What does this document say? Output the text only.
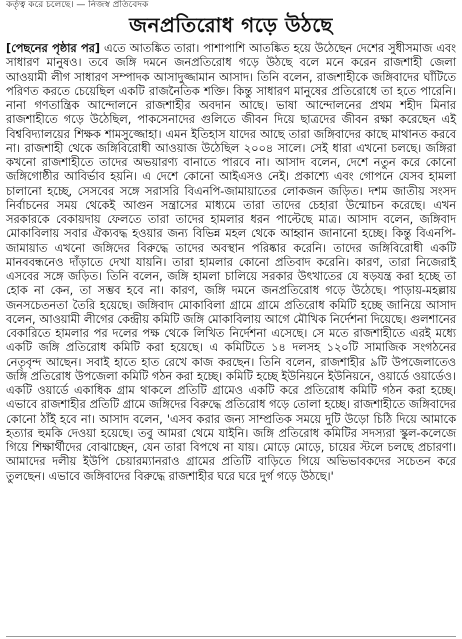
কর্তৃত্ব করে চলেছে। — নিজস্ব প্রতিবেদক
জনপ্রতিরোধ গড়ে উঠছে
[পেছনের পৃষ্ঠার পর] এতে আতঙ্কিত তারা। পাশাপাশি আতঙ্কিত হয়ে উঠেছেন দেশের সুধীসমাজ এবং সাধারণ মানুষও। তবে জঙ্গি দমনে জনপ্রতিরোধ গড়ে উঠছে বলে মনে করেন রাজশাহী জেলা আওয়ামী লীগ সাধারণ সম্পাদক আসাদুজ্জামান আসাদ। তিনি বলেন, রাজশাহীকে জঙ্গিবাদের ঘাঁটিতে পরিণত করতে চেয়েছিল একটি রাজনৈতিক শক্তি। কিন্তু সাধারণ মানুষের প্রতিরোধে তা হতে পারেনি। নানা গণতান্ত্রিক আন্দোলনে রাজশাহীর অবদান আছে। ভাষা আন্দোলনের প্রথম শহীদ মিনার রাজশাহীতে গড়ে উঠেছিল, পাকসেনাদের গুলিতে জীবন দিয়ে ছাত্রদের জীবন রক্ষা করেছেন এই বিশ্ববিদ্যালয়ের শিক্ষক শামসুজ্জোহা। এমন ইতিহাস যাদের আছে তারা জঙ্গিবাদের কাছে মাথানত করবে না। রাজশাহী থেকে জঙ্গিবিরোধী আওয়াজ উঠেছিল ২০০৪ সালে। সেই ধারা এখনো চলছে। জঙ্গিরা কখনো রাজশাহীতে তাদের অভয়ারণ্য বানাতে পারবে না। আসাদ বলেন, দেশে নতুন করে কোনো জঙ্গিগোষ্ঠীর আবির্ভাব হয়নি। এ দেশে কোনো আইএসও নেই। প্রকাশ্যে এবং গোপনে যেসব হামলা চালানো হচ্ছে, সেসবের সঙ্গে সরাসরি বিএনপি-জামায়াতের লোকজন জড়িত। দশম জাতীয় সংসদ নির্বাচনের সময় থেকেই আগুন সন্ত্রাসের মাধ্যমে তারা তাদের চেহারা উন্মোচন করেছে। এখন সরকারকে বেকায়দায় ফেলতে তারা তাদের হামলার ধরন পাল্টেছে মাত্র। আসাদ বলেন, জঙ্গিবাদ মোকাবিলায় সবার ঐক্যবদ্ধ হওয়ার জন্য বিভিন্ন মহল থেকে আহ্বান জানানো হচ্ছে। কিন্তু বিএনপি-জামায়াত এখনো জঙ্গিদের বিরুদ্ধে তাদের অবস্থান পরিষ্কার করেনি। তাদের জঙ্গিবিরোধী একটি মানববন্ধনেও দাঁড়াতে দেখা যায়নি। তারা হামলার কোনো প্রতিবাদ করেনি। কারণ, তারা নিজেরাই এসবের সঙ্গে জড়িত। তিনি বলেন, জঙ্গি হামলা চালিয়ে সরকার উৎখাতের যে ষড়যন্ত্র করা হচ্ছে তা হোক না কেন, তা সম্ভব হবে না। কারণ, জঙ্গি দমনে জনপ্রতিরোধ গড়ে উঠেছে। পাড়ায়-মহল্লায় জনসচেতনতা তৈরি হয়েছে। জঙ্গিবাদ মোকাবিলা গ্রামে গ্রামে প্রতিরোধ কমিটি হচ্ছে জানিয়ে আসাদ বলেন, আওয়ামী লীগের কেন্দ্রীয় কমিটি জঙ্গি মোকাবিলায় আগে মৌখিক নির্দেশনা দিয়েছে। গুলশানের বেকারিতে হামলার পর দলের পক্ষ থেকে লিখিত নির্দেশনা এসেছে। সে মতে রাজশাহীতে এরই মধ্যে একটি জঙ্গি প্রতিরোধ কমিটি করা হয়েছে। এ কমিটিতে ১৪ দলসহ ১২০টি সামাজিক সংগঠনের নেতৃবৃন্দ আছেন। সবাই হাতে হাত রেখে কাজ করছেন। তিনি বলেন, রাজশাহীর ৯টি উপজেলাতেও জঙ্গি প্রতিরোধ উপজেলা কমিটি গঠন করা হচ্ছে। কমিটি হচ্ছে ইউনিয়নে ইউনিয়নে, ওয়ার্ডে ওয়ার্ডেও। একটি ওয়ার্ডে একাধিক গ্রাম থাকলে প্রতিটি গ্রামেও একটি করে প্রতিরোধ কমিটি গঠন করা হচ্ছে। এভাবে রাজশাহীর প্রতিটি গ্রামে জঙ্গিদের বিরুদ্ধে প্রতিরোধ গড়ে তোলা হচ্ছে। রাজশাহীতে জঙ্গিবাদের কোনো ঠাঁই হবে না। আসাদ বলেন, 'এসব করার জন্য সাম্প্রতিক সময়ে দুটি উড়ো চিঠি দিয়ে আমাকে হত্যার হুমকি দেওয়া হয়েছে। তবু আমরা থেমে যাইনি। জঙ্গি প্রতিরোধ কমিটির সদস্যরা স্কুল-কলেজে গিয়ে শিক্ষার্থীদের বোঝাচ্ছেন, যেন তারা বিপথে না যায়। মোড়ে মোড়ে, চায়ের স্টলে চলছে প্রচারণা। আমাদের দলীয় ইউপি চেয়ারম্যানরাও গ্রামের প্রতিটি বাড়িতে গিয়ে অভিভাবকদের সচেতন করে তুলছেন। এভাবে জঙ্গিবাদের বিরুদ্ধে রাজশাহীর ঘরে ঘরে দুর্গ গড়ে উঠছে।'
